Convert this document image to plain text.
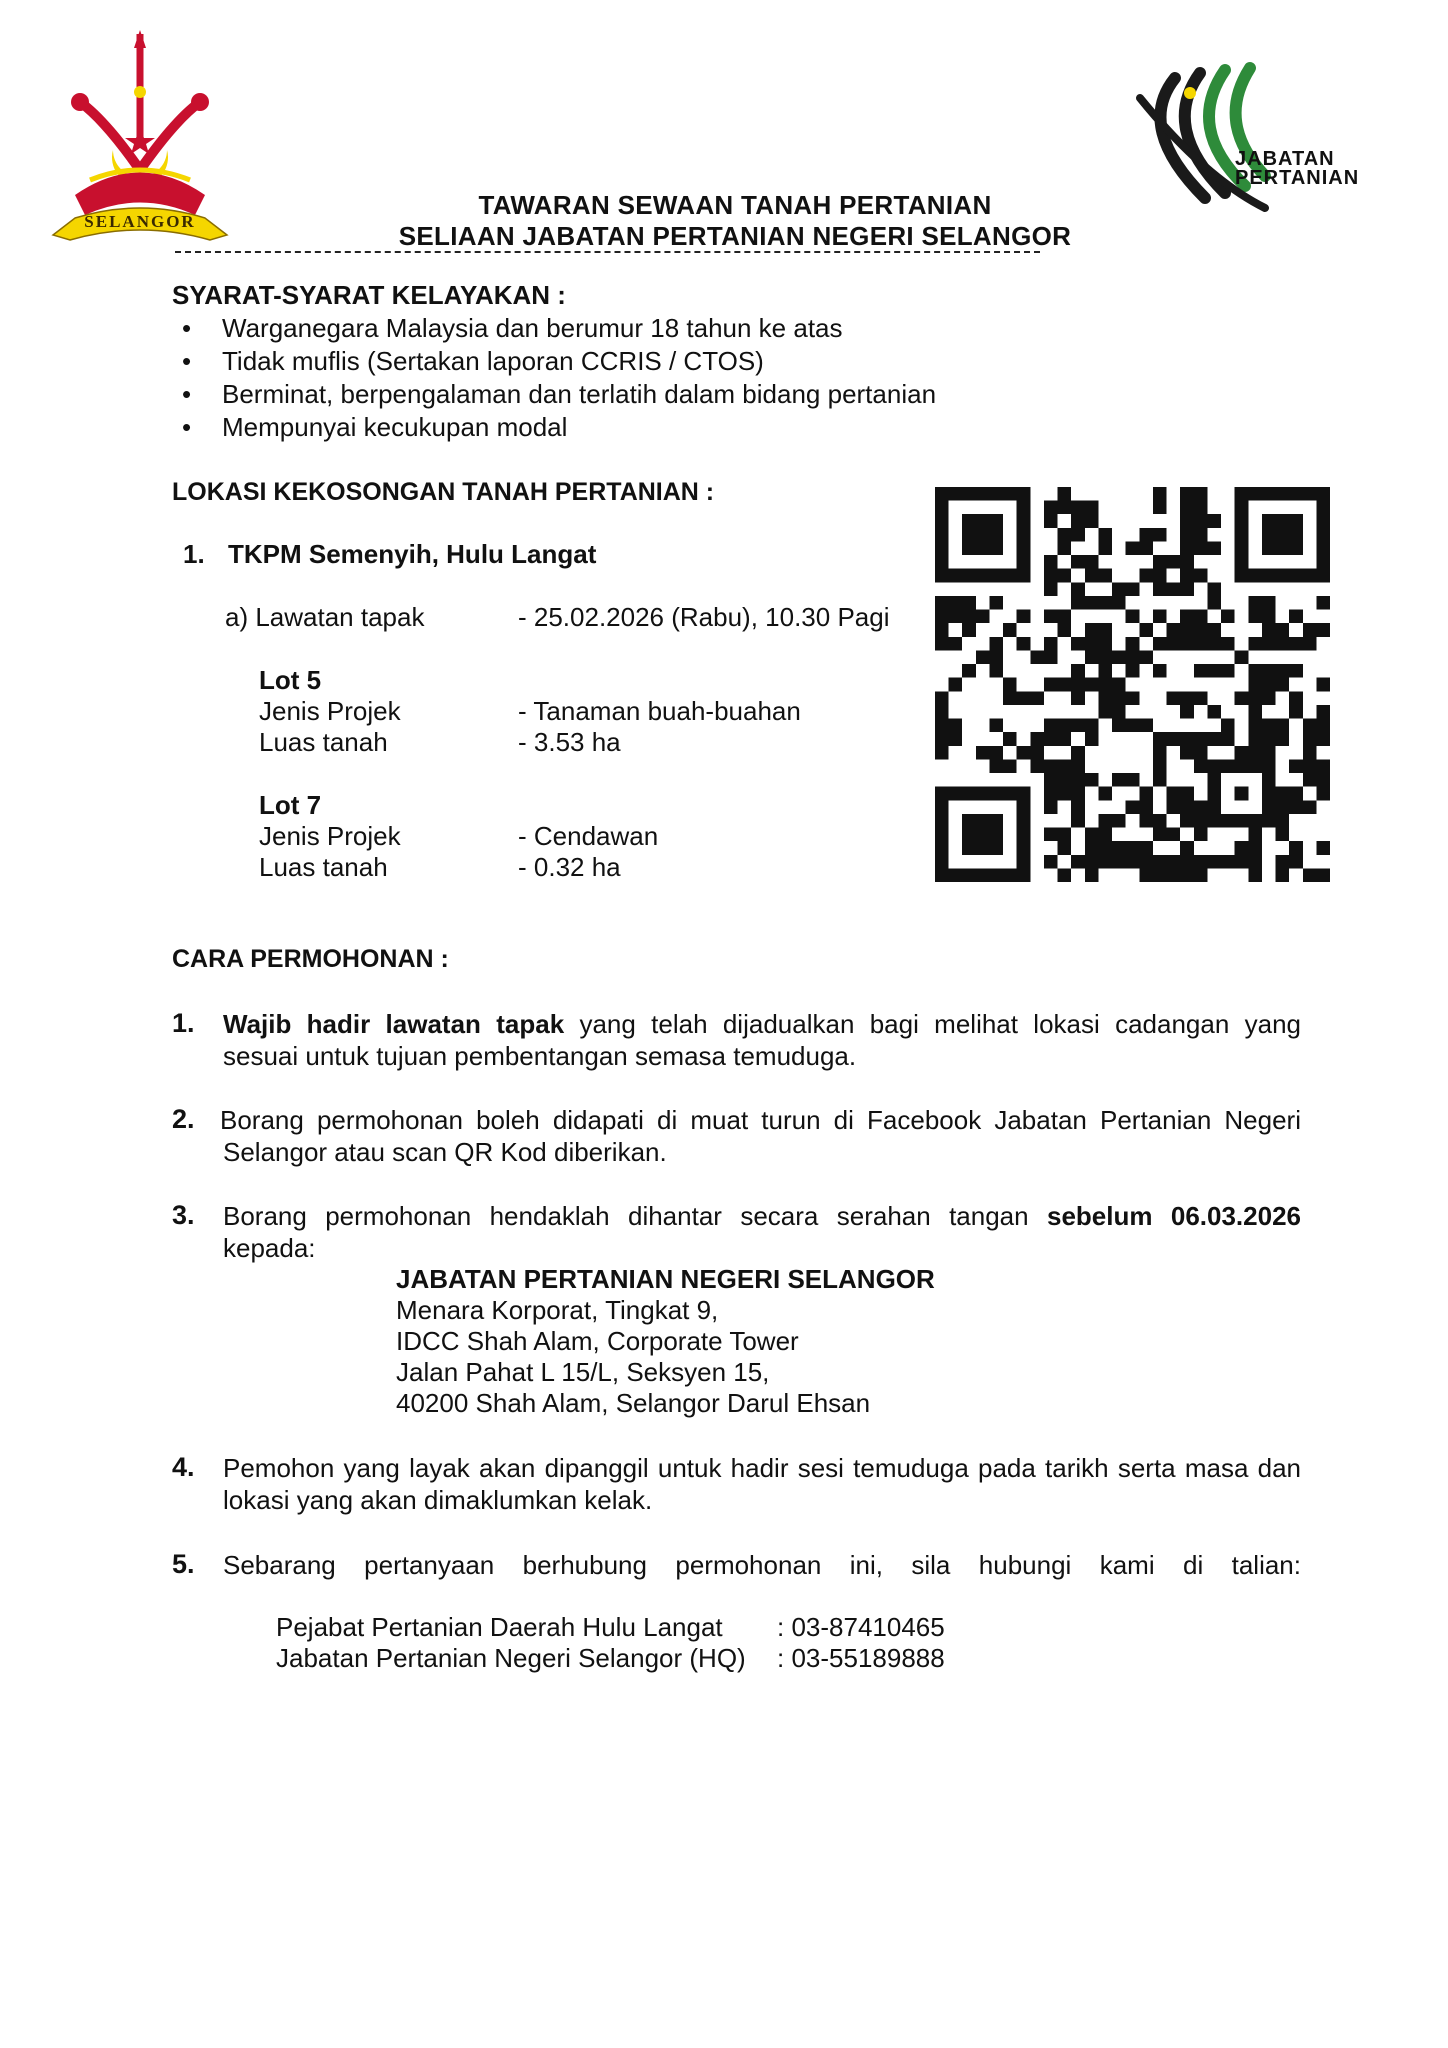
SELANGOR
JABATAN
PERTANIAN
TAWARAN SEWAAN TANAH PERTANIAN
SELIAAN JABATAN PERTANIAN NEGERI SELANGOR
SYARAT-SYARAT KELAYAKAN :
• Warganegara Malaysia dan berumur 18 tahun ke atas
• Tidak muflis (Sertakan laporan CCRIS / CTOS)
• Berminat, berpengalaman dan terlatih dalam bidang pertanian
• Mempunyai kecukupan modal
LOKASI KEKOSONGAN TANAH PERTANIAN :
1. TKPM Semenyih, Hulu Langat
a) Lawatan tapak	- 25.02.2026 (Rabu), 10.30 Pagi
Lot 5
Jenis Projek	- Tanaman buah-buahan
Luas tanah	- 3.53 ha
Lot 7
Jenis Projek	- Cendawan
Luas tanah	- 0.32 ha
CARA PERMOHONAN :
1. Wajib hadir lawatan tapak yang telah dijadualkan bagi melihat lokasi cadangan yang
sesuai untuk tujuan pembentangan semasa temuduga.
2. Borang permohonan boleh didapati di muat turun di Facebook Jabatan Pertanian Negeri
Selangor atau scan QR Kod diberikan.
3. Borang permohonan hendaklah dihantar secara serahan tangan sebelum 06.03.2026
kepada:
JABATAN PERTANIAN NEGERI SELANGOR
Menara Korporat, Tingkat 9,
IDCC Shah Alam, Corporate Tower
Jalan Pahat L 15/L, Seksyen 15,
40200 Shah Alam, Selangor Darul Ehsan
4. Pemohon yang layak akan dipanggil untuk hadir sesi temuduga pada tarikh serta masa dan
lokasi yang akan dimaklumkan kelak.
5. Sebarang pertanyaan berhubung permohonan ini, sila hubungi kami di talian:
Pejabat Pertanian Daerah Hulu Langat : 03-87410465
Jabatan Pertanian Negeri Selangor (HQ) : 03-55189888
